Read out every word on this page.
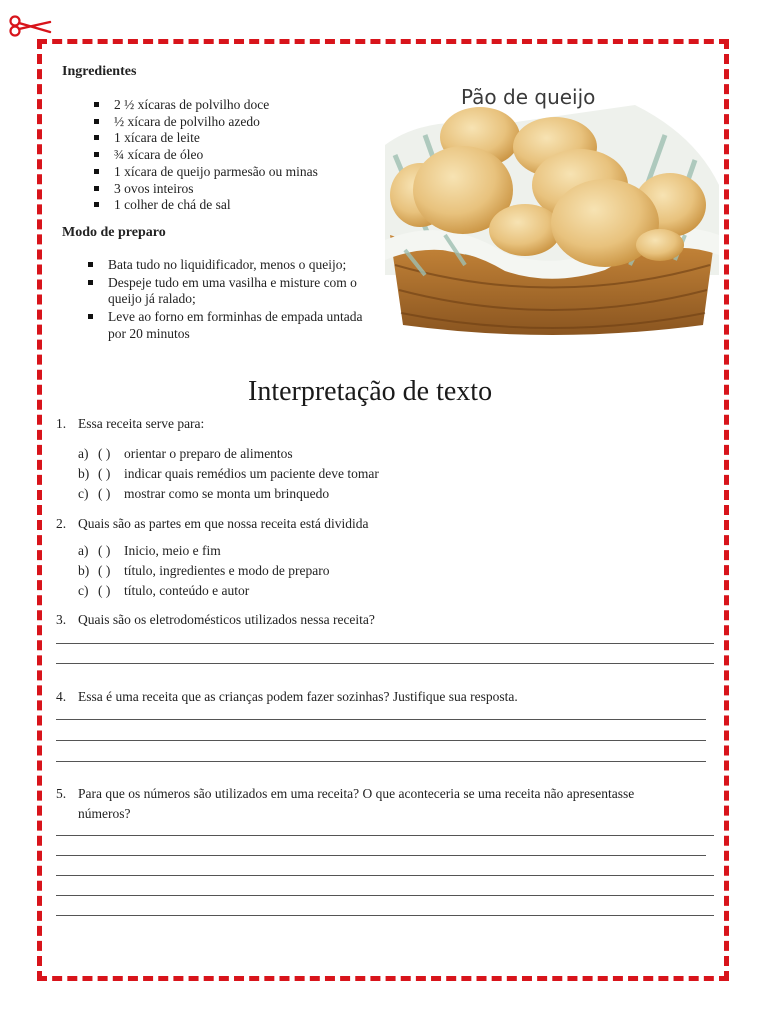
Ingredientes
2 ½ xícaras de polvilho doce
½ xícara de polvilho azedo
1 xícara de leite
¾ xícara de óleo
1 xícara de queijo parmesão ou minas
3 ovos inteiros
1 colher de chá de sal
Modo de preparo
Bata tudo no liquidificador, menos o queijo;
Despeje tudo em uma vasilha e misture com o queijo já ralado;
Leve ao forno em forminhas de empada untada por 20 minutos
Pão de queijo
Interpretação de texto
1. Essa receita serve para:
a) ( ) orientar o preparo de alimentos
b) ( ) indicar quais remédios um paciente deve tomar
c) ( ) mostrar como se monta um brinquedo
2. Quais são as partes em que nossa receita está dividida
a) ( ) Inicio, meio e fim
b) ( ) título, ingredientes e modo de preparo
c) ( ) título, conteúdo e autor
3. Quais são os eletrodomésticos utilizados nessa receita?
4. Essa é uma receita que as crianças podem fazer sozinhas? Justifique sua resposta.
5. Para que os números são utilizados em uma receita? O que aconteceria se uma receita não apresentasse números?
